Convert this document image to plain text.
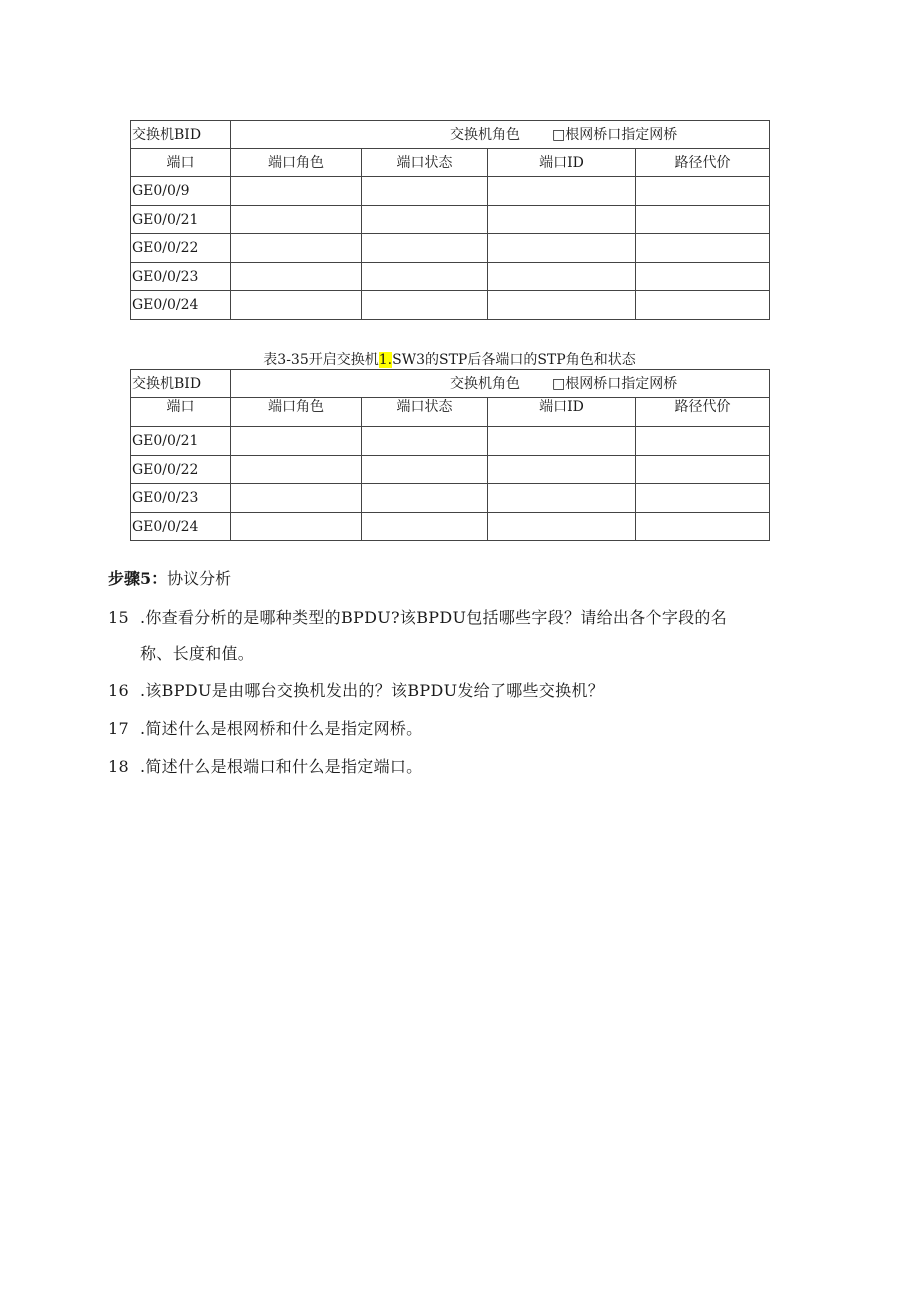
交换机BID	交换机角色 □根网桥口指定网桥			

端口	端口角色	端口状态	端口ID	路径代价
GE0/0/9				
GE0/0/21				
GE0/0/22				
GE0/0/23				
GE0/0/24				
表3-35开启交换机1.SW3的STP后各端口的STP角色和状态
交换机BID	交换机角色 □根网桥口指定网桥			

端口	端口角色	端口状态	端口ID	路径代价
GE0/0/21				
GE0/0/22				
GE0/0/23				
GE0/0/24				
步骤5：协议分析
15 .你查看分析的是哪种类型的BPDU?该BPDU包括哪些字段？请给出各个字段的名
称、长度和值。
16 .该BPDU是由哪台交换机发出的？该BPDU发给了哪些交换机？
17 .简述什么是根网桥和什么是指定网桥。
18 .简述什么是根端口和什么是指定端口。
